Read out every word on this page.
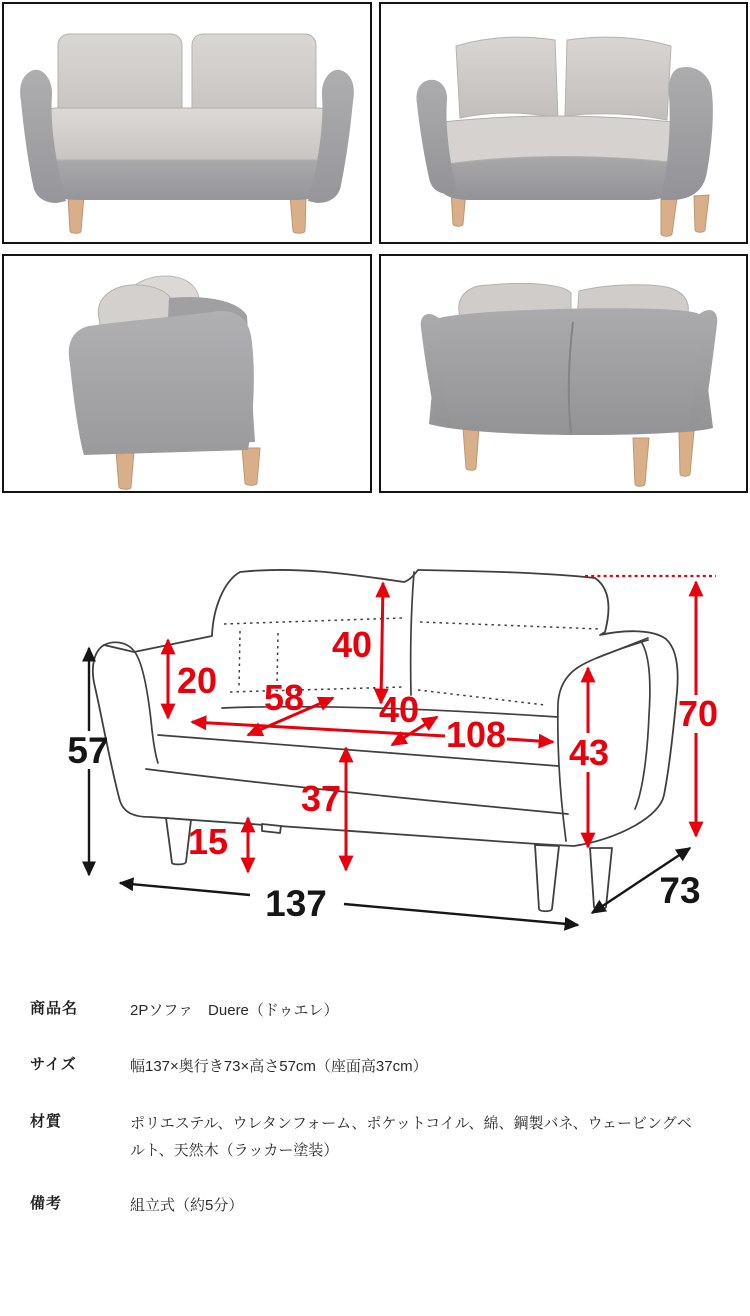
57
20
40
58 40
108 43
37
15
70
137	73
商品名	2Pソファ　Duere（ドゥエレ）
サイズ	幅137×奥行き73×高さ57cm（座面高37cm）
材質	ポリエステル、ウレタンフォーム、ポケットコイル、綿、鋼製バネ、ウェービングベルト、天然木（ラッカー塗装）
備考	組立式（約5分）
